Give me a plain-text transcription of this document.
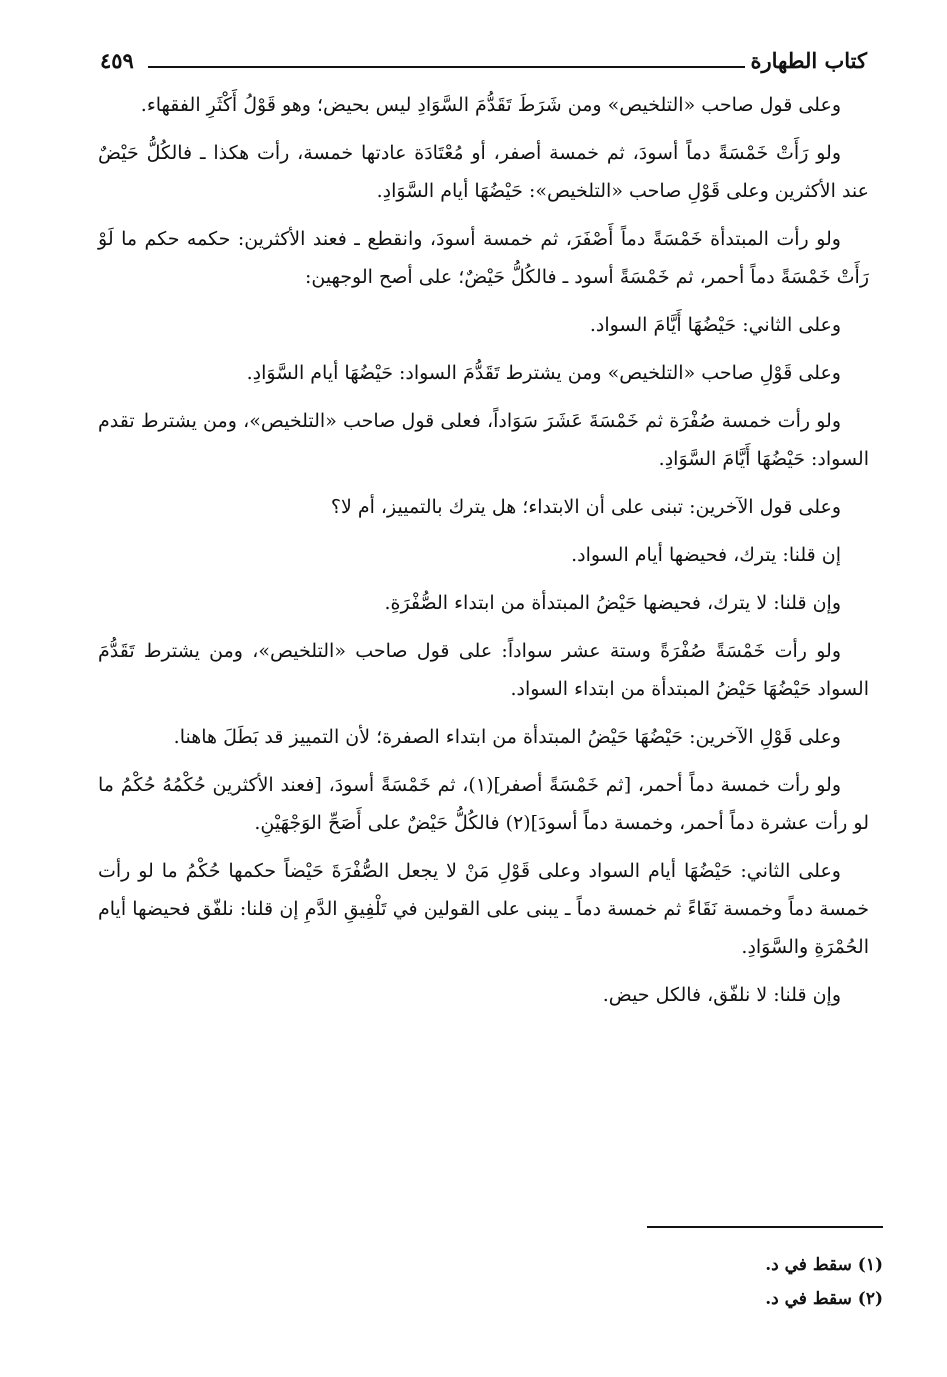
كتاب الطهارة
٤٥٩

وعلى قول صاحب «التلخيص» ومن شَرَطَ تَقَدُّمَ السَّوَادِ ليس بحيض؛ وهو قَوْلُ أَكْثَرِ الفقهاء.

ولو رَأَتْ خَمْسَةً دماً أسودَ، ثم خمسة أصفر، أو مُعْتَادَة عادتها خمسة، رأت هكذا ـ فالكُلُّ حَيْضٌ عند الأكثرين وعلى قَوْلِ صاحب «التلخيص»: حَيْضُهَا أيام السَّوَادِ.

ولو رأت المبتدأة خَمْسَةً دماً أَصْفَرَ، ثم خمسة أسودَ، وانقطع ـ فعند الأكثرين: حكمه حكم ما لَوْ رَأَتْ خَمْسَةً دماً أحمر، ثم خَمْسَةً أسود ـ فالكُلُّ حَيْضٌ؛ على أصح الوجهين:

وعلى الثاني: حَيْضُهَا أَيَّامَ السواد.

وعلى قَوْلِ صاحب «التلخيص» ومن يشترط تَقَدُّمَ السواد: حَيْضُهَا أيام السَّوَادِ.

ولو رأت خمسة صُفْرَة ثم خَمْسَةَ عَشَرَ سَوَاداً، فعلى قول صاحب «التلخيص»، ومن يشترط تقدم السواد: حَيْضُهَا أَيَّامَ السَّوَادِ.

وعلى قول الآخرين: تبنى على أن الابتداء؛ هل يترك بالتمييز، أم لا؟

إن قلنا: يترك، فحيضها أيام السواد.

وإن قلنا: لا يترك، فحيضها حَيْضُ المبتدأة من ابتداء الصُّفْرَةِ.

ولو رأت خَمْسَةً صُفْرَةً وستة عشر سواداً: على قول صاحب «التلخيص»، ومن يشترط تَقَدُّمَ السواد حَيْضُهَا حَيْضُ المبتدأة من ابتداء السواد.

وعلى قَوْلِ الآخرين: حَيْضُهَا حَيْضُ المبتدأة من ابتداء الصفرة؛ لأن التمييز قد بَطَلَ هاهنا.

ولو رأت خمسة دماً أحمر، [ثم خَمْسَةً أصفر](١)، ثم خَمْسَةً أسودَ، [فعند الأكثرين حُكْمُهُ حُكْمُ ما لو رأت عشرة دماً أحمر، وخمسة دماً أسودَ](٢) فالكُلُّ حَيْضٌ على أَصَحِّ الوَجْهَيْنِ.

وعلى الثاني: حَيْضُهَا أيام السواد وعلى قَوْلِ مَنْ لا يجعل الصُّفْرَةَ حَيْضاً حكمها حُكْمُ ما لو رأت خمسة دماً وخمسة نَقَاءً ثم خمسة دماً ـ يبنى على القولين في تَلْفِيقِ الدَّمِ إن قلنا: نلفّق فحيضها أيام الحُمْرَةِ والسَّوَادِ.

وإن قلنا: لا نلفّق، فالكل حيض.

(١) سقط في د.

(٢) سقط في د.
